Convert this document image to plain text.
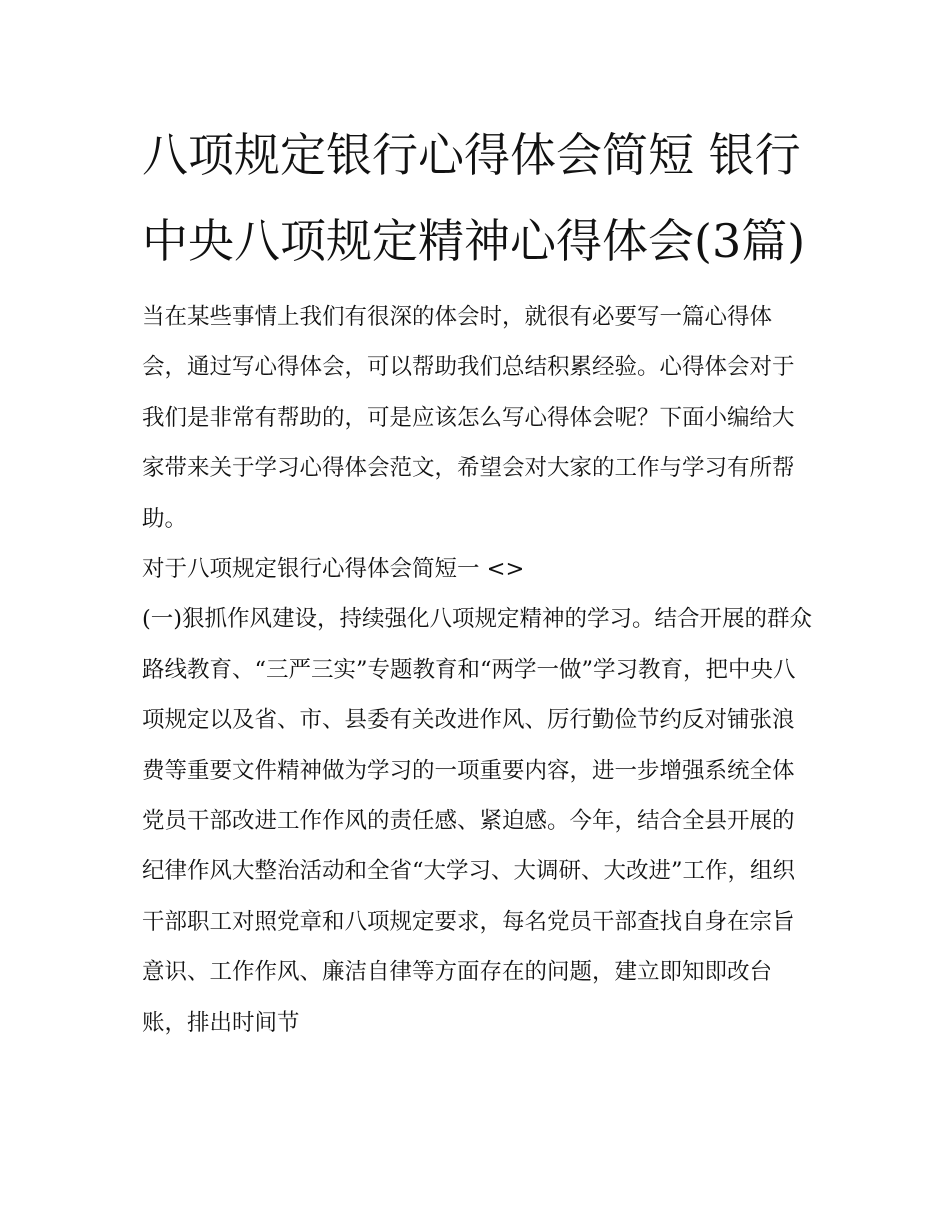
八项规定银行心得体会简短 银行中央八项规定精神心得体会(3篇)

当在某些事情上我们有很深的体会时，就很有必要写一篇心得体会，通过写心得体会，可以帮助我们总结积累经验。心得体会对于我们是非常有帮助的，可是应该怎么写心得体会呢？下面小编给大家带来关于学习心得体会范文，希望会对大家的工作与学习有所帮助。

对于八项规定银行心得体会简短一 <>

(一)狠抓作风建设，持续强化八项规定精神的学习。结合开展的群众路线教育、“三严三实”专题教育和“两学一做”学习教育，把中央八项规定以及省、市、县委有关改进作风、厉行勤俭节约反对铺张浪费等重要文件精神做为学习的一项重要内容，进一步增强系统全体党员干部改进工作作风的责任感、紧迫感。今年，结合全县开展的纪律作风大整治活动和全省“大学习、大调研、大改进”工作，组织干部职工对照党章和八项规定要求，每名党员干部查找自身在宗旨意识、工作作风、廉洁自律等方面存在的问题，建立即知即改台账，排出时间节
